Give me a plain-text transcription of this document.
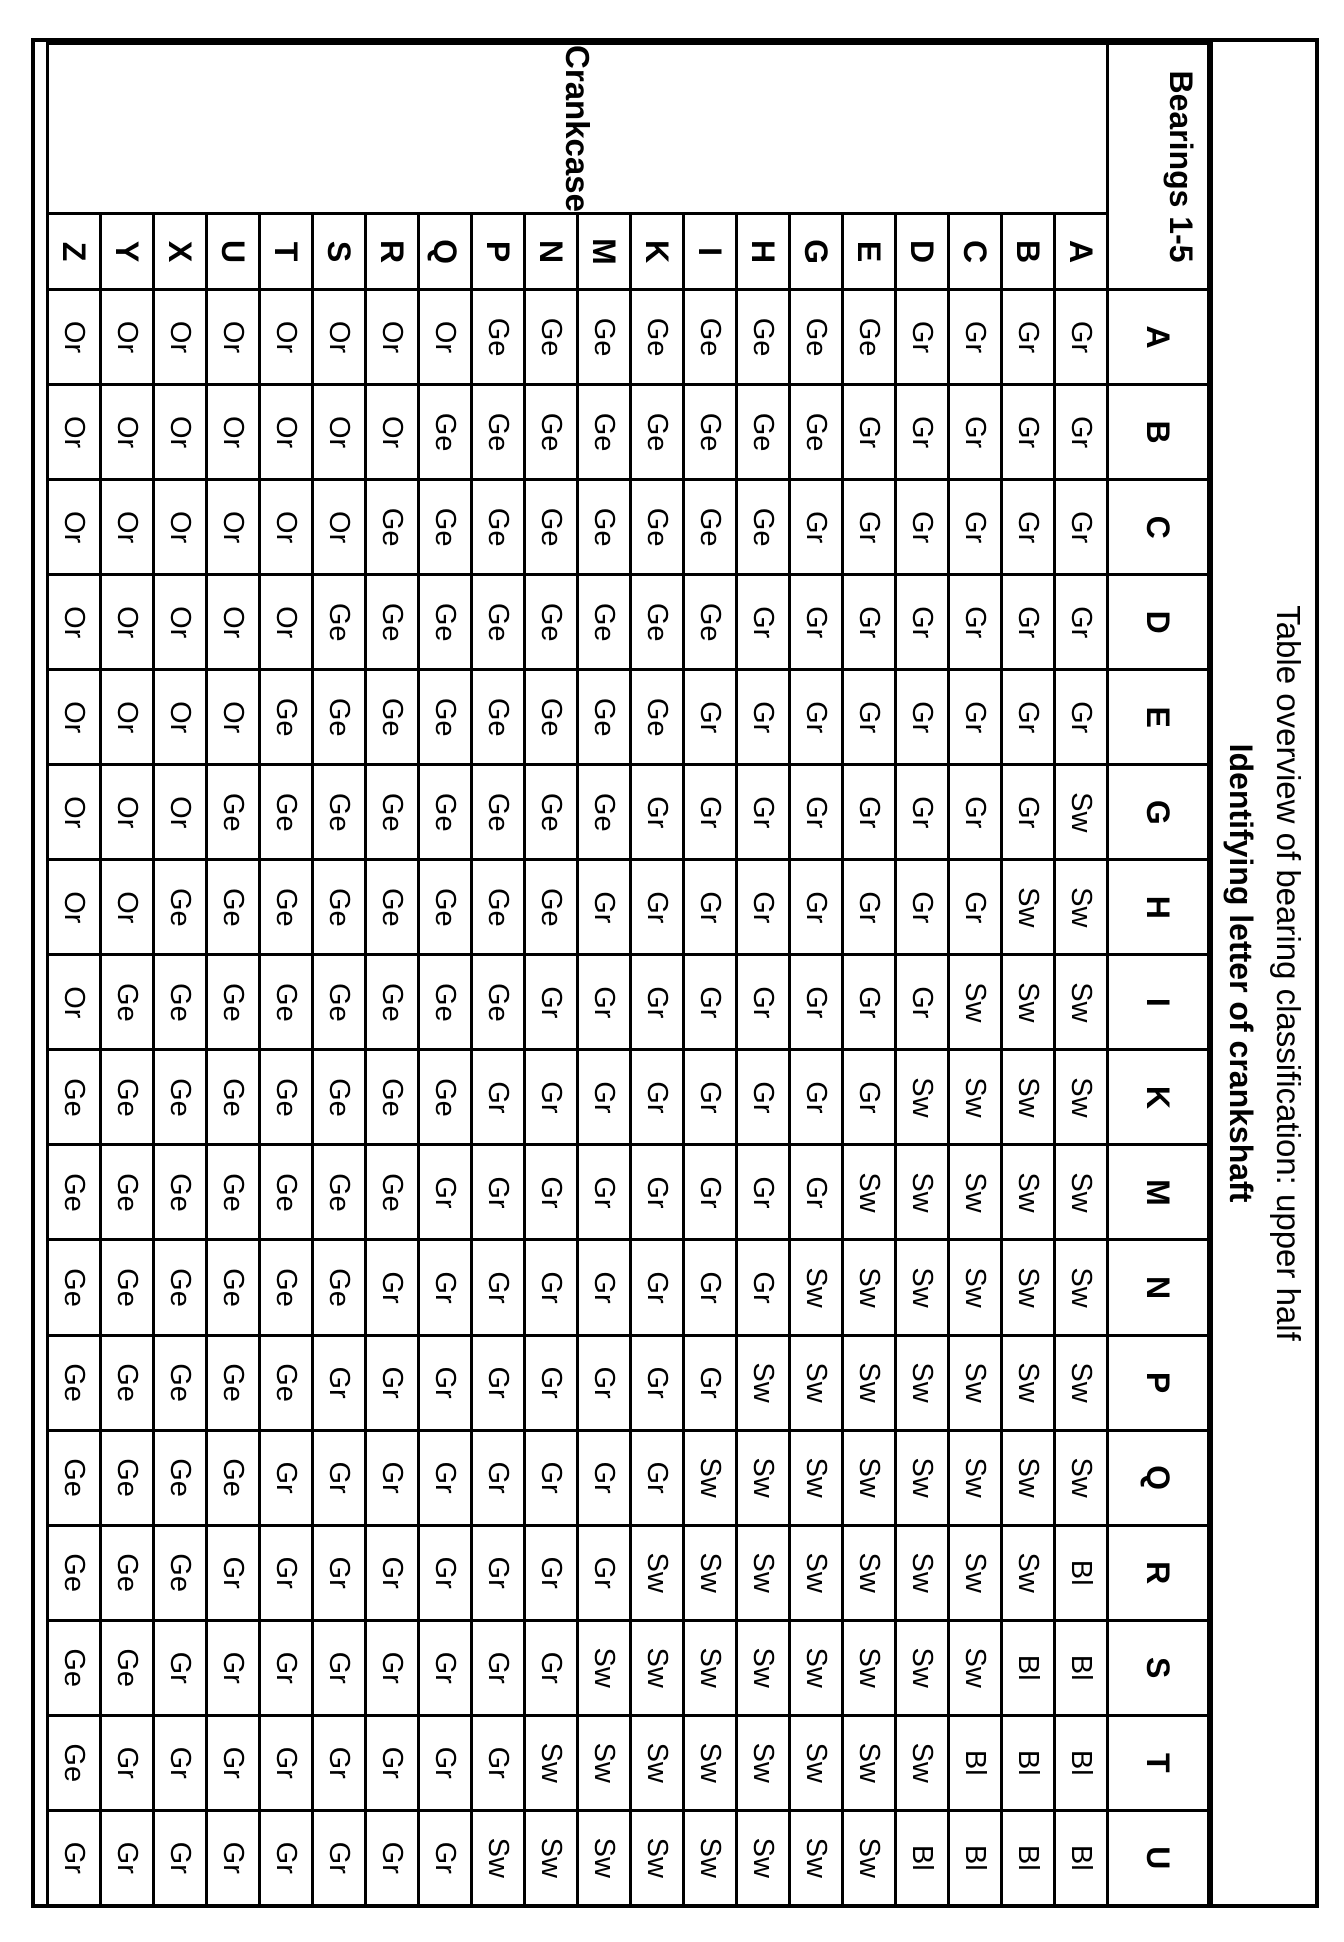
Table overview of bearing classification: upper half
Identifying letter of crankshaft
Bearings 1-5		A	B	C	D	E	G	H	I	K	M	N	P	Q	R	S	T	U
Crankcase	A	Gr	Gr	Gr	Gr	Gr	Sw	Sw	Sw	Sw	Sw	Sw	Sw	Sw	Bl	Bl	Bl	Bl
	B	Gr	Gr	Gr	Gr	Gr	Gr	Sw	Sw	Sw	Sw	Sw	Sw	Sw	Sw	Bl	Bl	Bl
	C	Gr	Gr	Gr	Gr	Gr	Gr	Gr	Sw	Sw	Sw	Sw	Sw	Sw	Sw	Sw	Bl	Bl
	D	Gr	Gr	Gr	Gr	Gr	Gr	Gr	Gr	Sw	Sw	Sw	Sw	Sw	Sw	Sw	Sw	Bl
	E	Ge	Gr	Gr	Gr	Gr	Gr	Gr	Gr	Gr	Sw	Sw	Sw	Sw	Sw	Sw	Sw	Sw
	G	Ge	Ge	Gr	Gr	Gr	Gr	Gr	Gr	Gr	Gr	Sw	Sw	Sw	Sw	Sw	Sw	Sw
	H	Ge	Ge	Ge	Gr	Gr	Gr	Gr	Gr	Gr	Gr	Gr	Sw	Sw	Sw	Sw	Sw	Sw
	I	Ge	Ge	Ge	Ge	Gr	Gr	Gr	Gr	Gr	Gr	Gr	Gr	Sw	Sw	Sw	Sw	Sw
	K	Ge	Ge	Ge	Ge	Ge	Gr	Gr	Gr	Gr	Gr	Gr	Gr	Gr	Sw	Sw	Sw	Sw
	M	Ge	Ge	Ge	Ge	Ge	Ge	Gr	Gr	Gr	Gr	Gr	Gr	Gr	Gr	Sw	Sw	Sw
	N	Ge	Ge	Ge	Ge	Ge	Ge	Ge	Gr	Gr	Gr	Gr	Gr	Gr	Gr	Gr	Sw	Sw
	P	Ge	Ge	Ge	Ge	Ge	Ge	Ge	Ge	Gr	Gr	Gr	Gr	Gr	Gr	Gr	Gr	Sw
	Q	Or	Ge	Ge	Ge	Ge	Ge	Ge	Ge	Ge	Gr	Gr	Gr	Gr	Gr	Gr	Gr	Gr
	R	Or	Or	Ge	Ge	Ge	Ge	Ge	Ge	Ge	Ge	Gr	Gr	Gr	Gr	Gr	Gr	Gr
	S	Or	Or	Or	Ge	Ge	Ge	Ge	Ge	Ge	Ge	Ge	Gr	Gr	Gr	Gr	Gr	Gr
	T	Or	Or	Or	Or	Ge	Ge	Ge	Ge	Ge	Ge	Ge	Ge	Gr	Gr	Gr	Gr	Gr
	U	Or	Or	Or	Or	Or	Ge	Ge	Ge	Ge	Ge	Ge	Ge	Ge	Gr	Gr	Gr	Gr
	X	Or	Or	Or	Or	Or	Or	Ge	Ge	Ge	Ge	Ge	Ge	Ge	Ge	Gr	Gr	Gr
	Y	Or	Or	Or	Or	Or	Or	Or	Ge	Ge	Ge	Ge	Ge	Ge	Ge	Ge	Gr	Gr
	Z	Or	Or	Or	Or	Or	Or	Or	Or	Ge	Ge	Ge	Ge	Ge	Ge	Ge	Ge	Gr
